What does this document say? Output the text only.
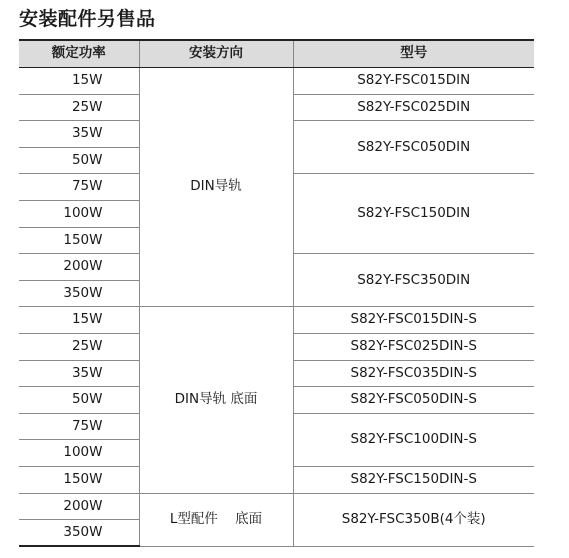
安装配件另售品
额定功率	安装方向	型号
15W	DIN导轨	S82Y-FSC015DIN
25W		S82Y-FSC025DIN
35W		S82Y-FSC050DIN
50W		
75W		S82Y-FSC150DIN
100W		
150W		
200W		S82Y-FSC350DIN
350W		
15W	DIN导轨 底面	S82Y-FSC015DIN-S
25W		S82Y-FSC025DIN-S
35W		S82Y-FSC035DIN-S
50W		S82Y-FSC050DIN-S
75W		S82Y-FSC100DIN-S
100W		
150W		S82Y-FSC150DIN-S
200W	L型配件    底面	S82Y-FSC350B(4个装)
350W		
